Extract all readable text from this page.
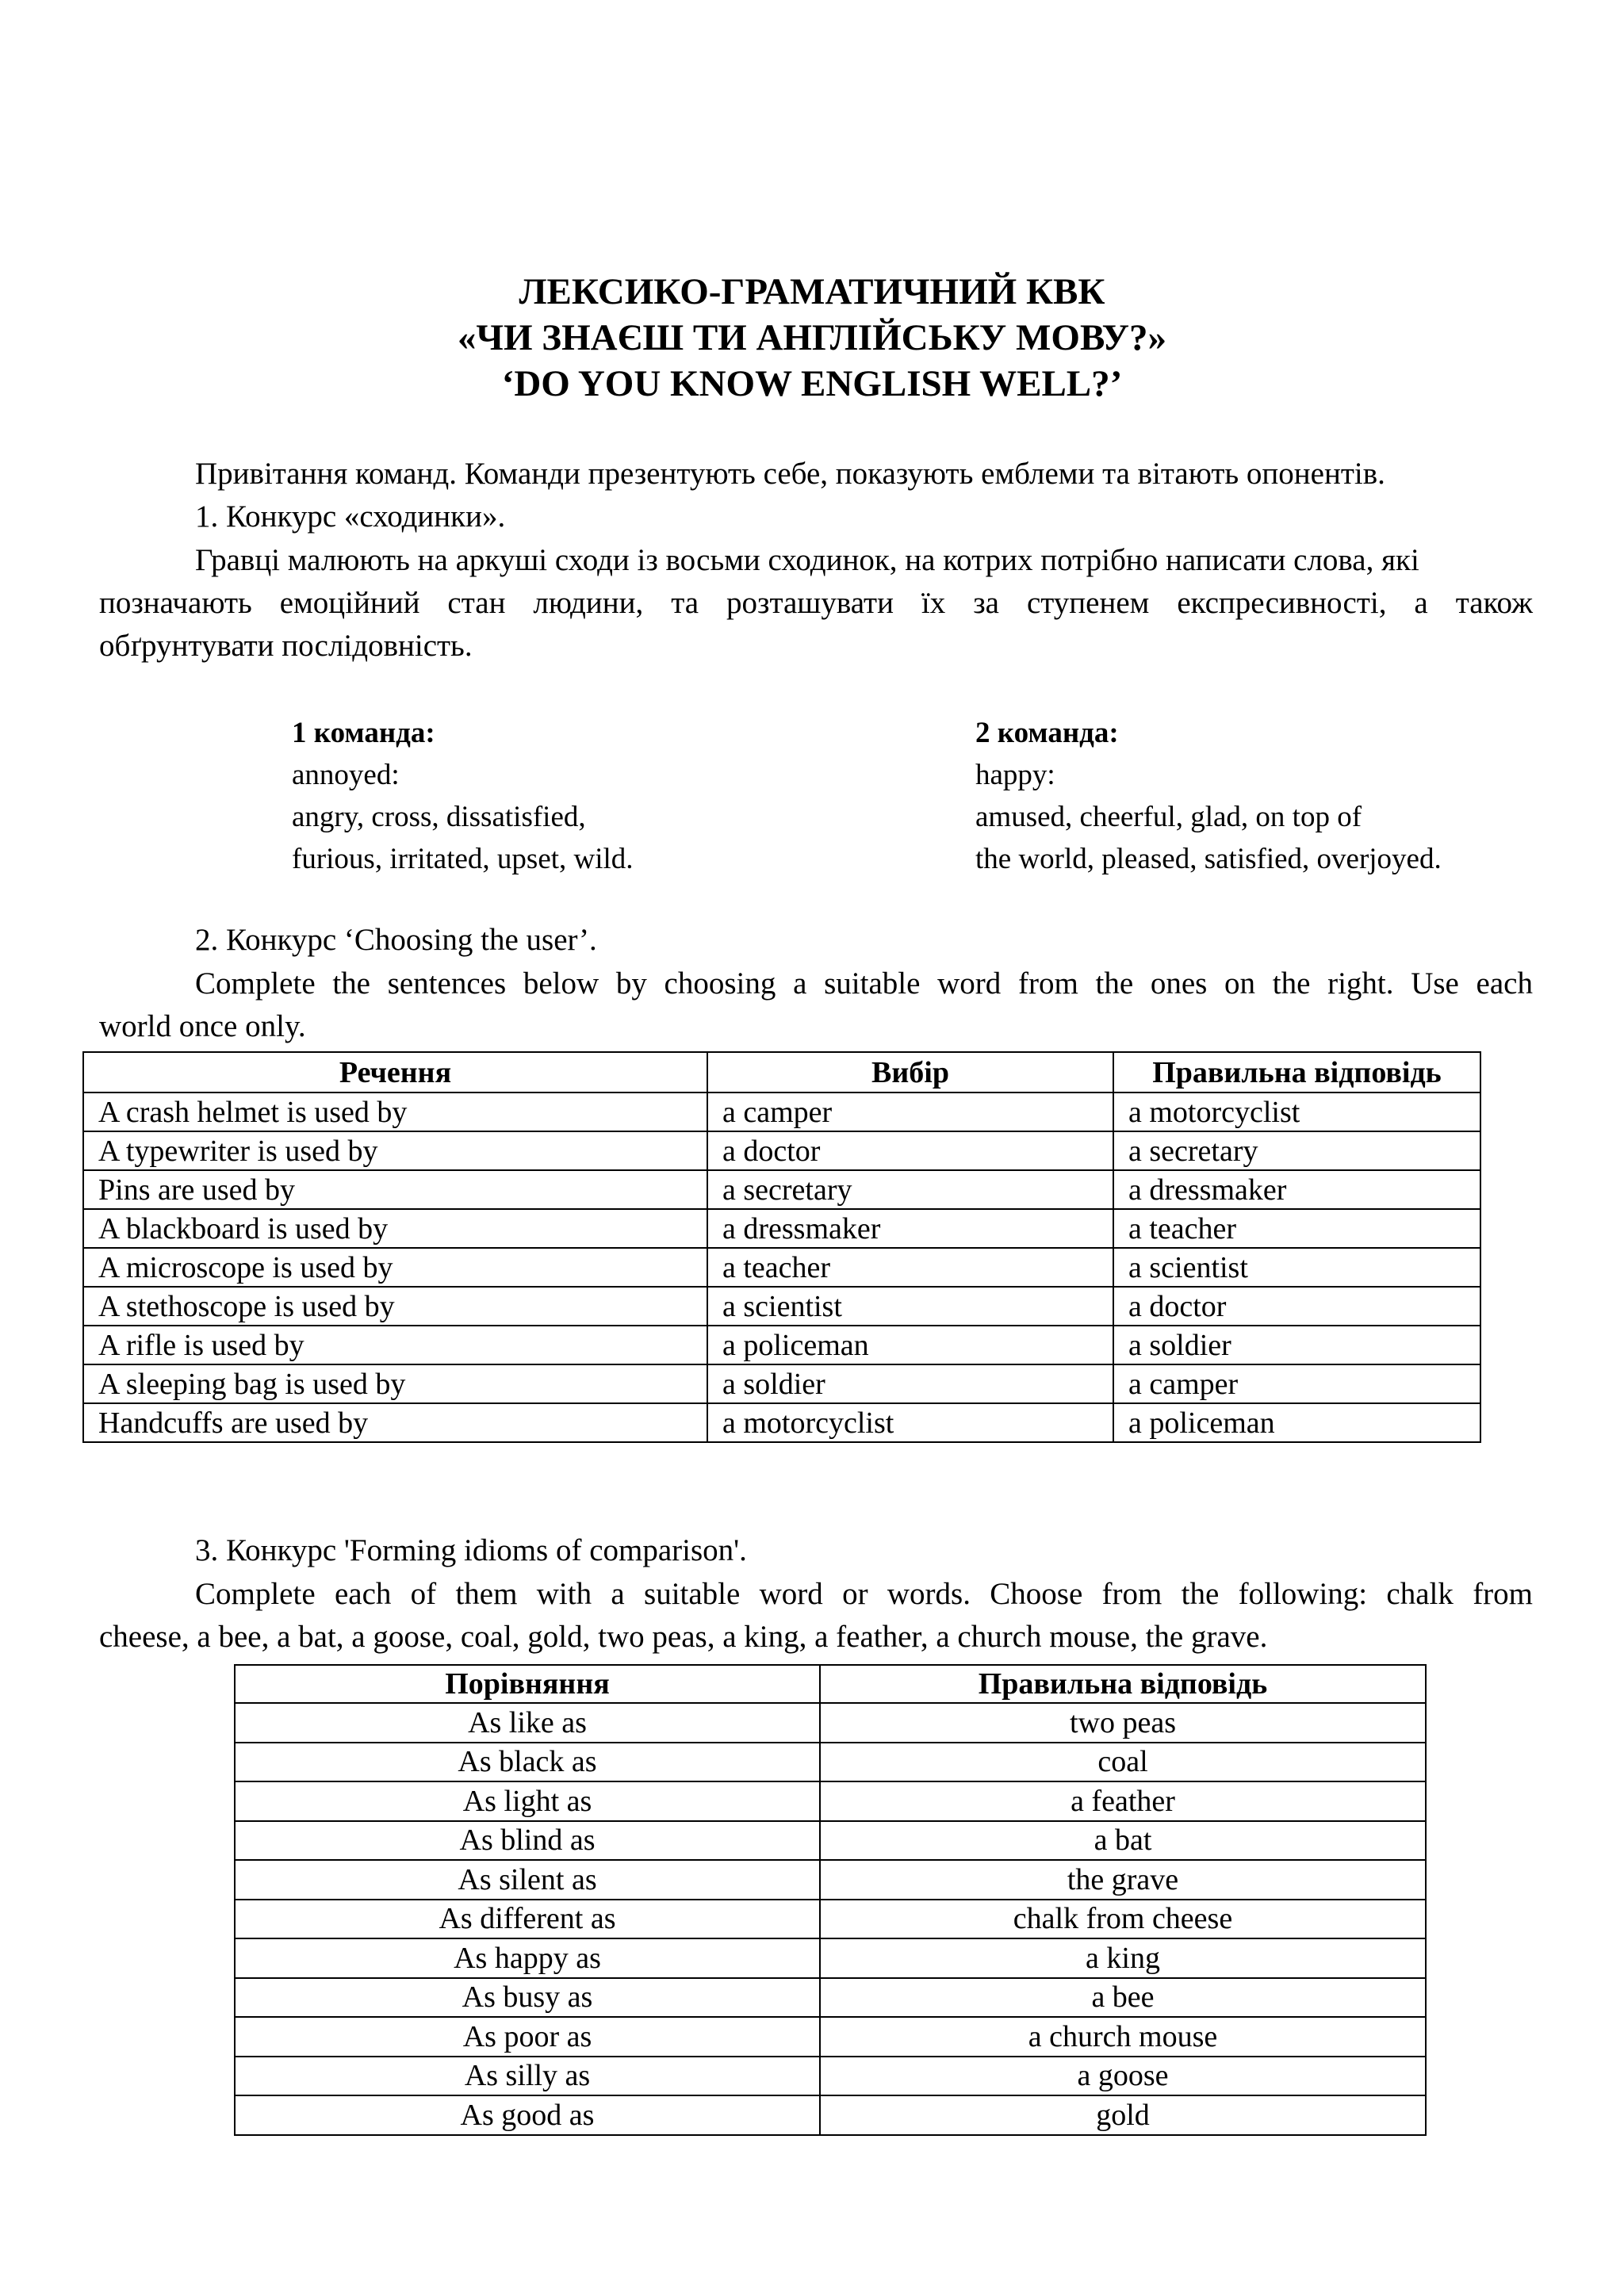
ЛЕКСИКО-ГРАМАТИЧНИЙ КВК
«ЧИ ЗНАЄШ ТИ АНГЛІЙСЬКУ МОВУ?»
‘DO YOU KNOW ENGLISH WELL?’

Привітання команд. Команди презентують себе, показують емблеми та вітають опонентів.

1. Конкурс «сходинки».

Гравці малюють на аркуші сходи із восьми сходинок, на котрих потрібно написати слова, які

позначають емоційний стан людини, та розташувати їх за ступенем експресивності, а також

обґрунтувати послідовність.

1 команда:
annoyed:
angry, cross, dissatisfied,
furious, irritated, upset, wild.
2 команда:
happy:
amused, cheerful, glad, on top of
the world, pleased, satisfied, overjoyed.

2. Конкурс ‘Choosing the user’.

Complete the sentences below by choosing a suitable word from the ones on the right. Use each

world once only.

Речення	Вибір	Правильна відповідь
A crash helmet is used by	a camper	a motorcyclist
A typewriter is used by	a doctor	a secretary
Pins are used by	a secretary	a dressmaker
A blackboard is used by	a dressmaker	a teacher
A microscope is used by	a teacher	a scientist
A stethoscope is used by	a scientist	a doctor
A rifle is used by	a policeman	a soldier
A sleeping bag is used by	a soldier	a camper
Handcuffs are used by	a motorcyclist	a policeman

3. Конкурс 'Forming idioms of comparison'.

Complete each of them with a suitable word or words. Choose from the following: chalk from

cheese, a bee, a bat, a goose, coal, gold, two peas, a king, a feather, a church mouse, the grave.

Порівняння	Правильна відповідь
As like as	two peas
As black as	coal
As light as	a feather
As blind as	a bat
As silent as	the grave
As different as	chalk from cheese
As happy as	a king
As busy as	a bee
As poor as	a church mouse
As silly as	a goose
As good as	gold
